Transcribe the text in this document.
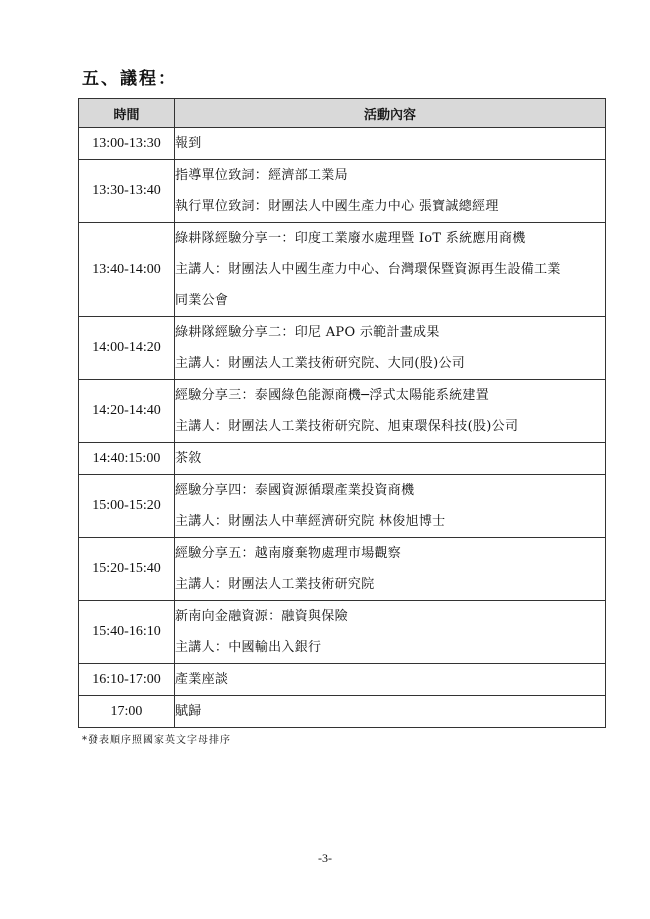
五、議程：
時間	活動內容
13:00-13:30	報到

13:30-13:40	指導單位致詞：經濟部工業局
執行單位致詞：財團法人中國生產力中心 張寶誠總經理

13:40-14:00	綠耕隊經驗分享一：印度工業廢水處理暨 IoT 系統應用商機
主講人：財團法人中國生產力中心、台灣環保暨資源再生設備工業
同業公會

14:00-14:20	綠耕隊經驗分享二：印尼 APO 示範計畫成果
主講人：財團法人工業技術研究院、大同(股)公司

14:20-14:40	經驗分享三：泰國綠色能源商機─浮式太陽能系統建置
主講人：財團法人工業技術研究院、旭東環保科技(股)公司

14:40:15:00	茶敘

15:00-15:20	經驗分享四：泰國資源循環產業投資商機
主講人：財團法人中華經濟研究院 林俊旭博士

15:20-15:40	經驗分享五：越南廢棄物處理市場觀察
主講人：財團法人工業技術研究院

15:40-16:10	新南向金融資源：融資與保險
主講人：中國輸出入銀行

16:10-17:00	產業座談

17:00	賦歸
*發表順序照國家英文字母排序
-3-
